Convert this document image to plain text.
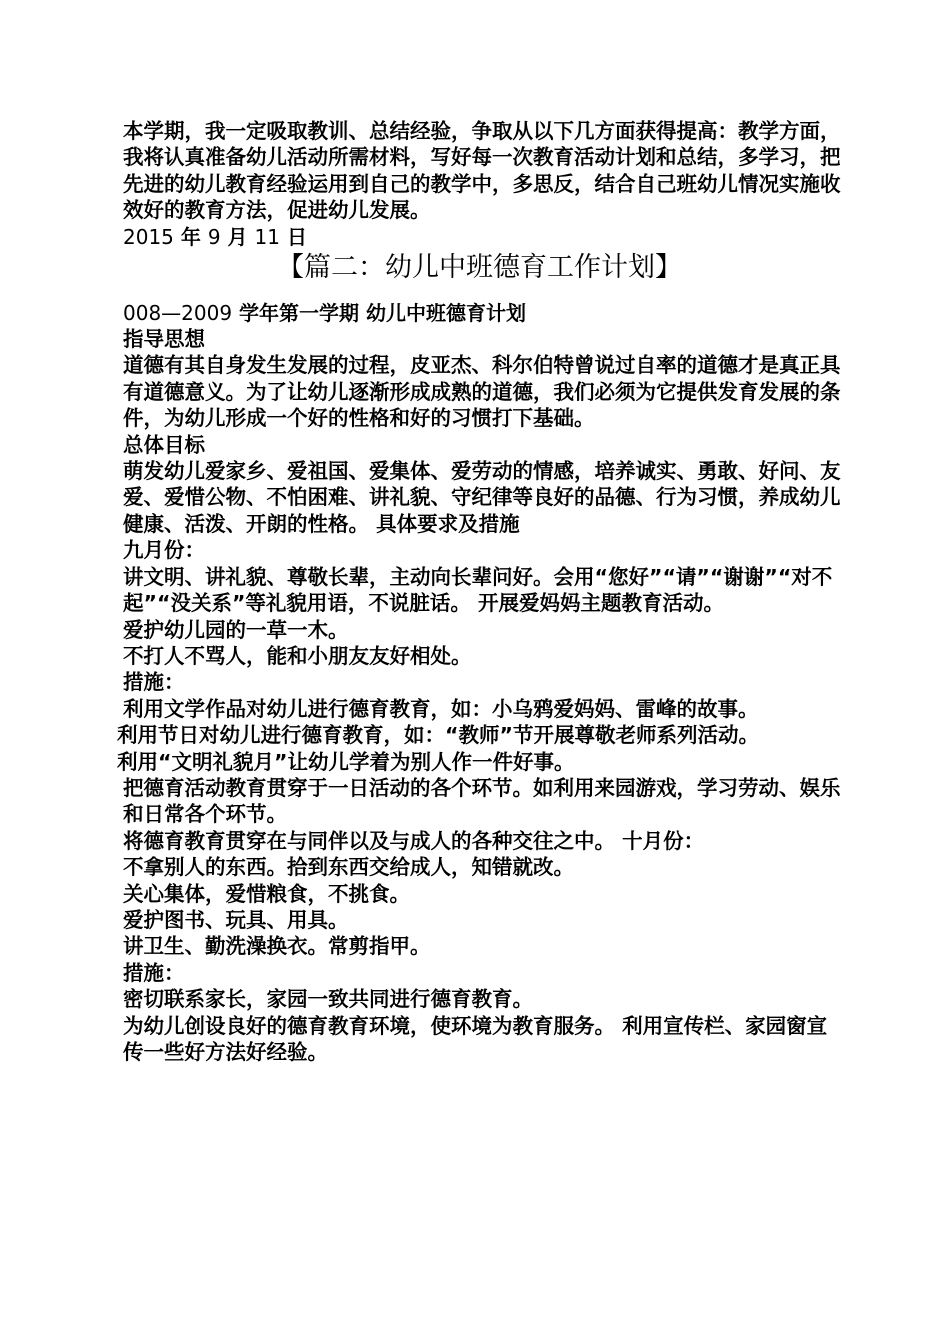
本学期，我一定吸取教训、总结经验，争取从以下几方面获得提高：教学方面，我将认真准备幼儿活动所需材料，写好每一次教育活动计划和总结，多学习，把先进的幼儿教育经验运用到自己的教学中，多思反，结合自己班幼儿情况实施收效好的教育方法，促进幼儿发展。

2015 年 9 月 11 日

【篇二：幼儿中班德育工作计划】

008—2009 学年第一学期 幼儿中班德育计划

指导思想

道德有其自身发生发展的过程，皮亚杰、科尔伯特曾说过自率的道德才是真正具有道德意义。为了让幼儿逐渐形成成熟的道德，我们必须为它提供发育发展的条件，为幼儿形成一个好的性格和好的习惯打下基础。

总体目标

萌发幼儿爱家乡、爱祖国、爱集体、爱劳动的情感，培养诚实、勇敢、好问、友爱、爱惜公物、不怕困难、讲礼貌、守纪律等良好的品德、行为习惯，养成幼儿健康、活泼、开朗的性格。 具体要求及措施

九月份：

讲文明、讲礼貌、尊敬长辈，主动向长辈问好。会用“您好”“请”“谢谢”“对不起”“没关系”等礼貌用语，不说脏话。 开展爱妈妈主题教育活动。

爱护幼儿园的一草一木。

不打人不骂人，能和小朋友友好相处。

措施：

利用文学作品对幼儿进行德育教育，如：小乌鸦爱妈妈、雷峰的故事。

利用节日对幼儿进行德育教育，如：“教师”节开展尊敬老师系列活动。

利用“文明礼貌月”让幼儿学着为别人作一件好事。

把德育活动教育贯穿于一日活动的各个环节。如利用来园游戏，学习劳动、娱乐和日常各个环节。

将德育教育贯穿在与同伴以及与成人的各种交往之中。 十月份：

不拿别人的东西。拾到东西交给成人，知错就改。

关心集体，爱惜粮食，不挑食。

爱护图书、玩具、用具。

讲卫生、勤洗澡换衣。常剪指甲。

措施：

密切联系家长，家园一致共同进行德育教育。

为幼儿创设良好的德育教育环境，使环境为教育服务。 利用宣传栏、家园窗宣传一些好方法好经验。
